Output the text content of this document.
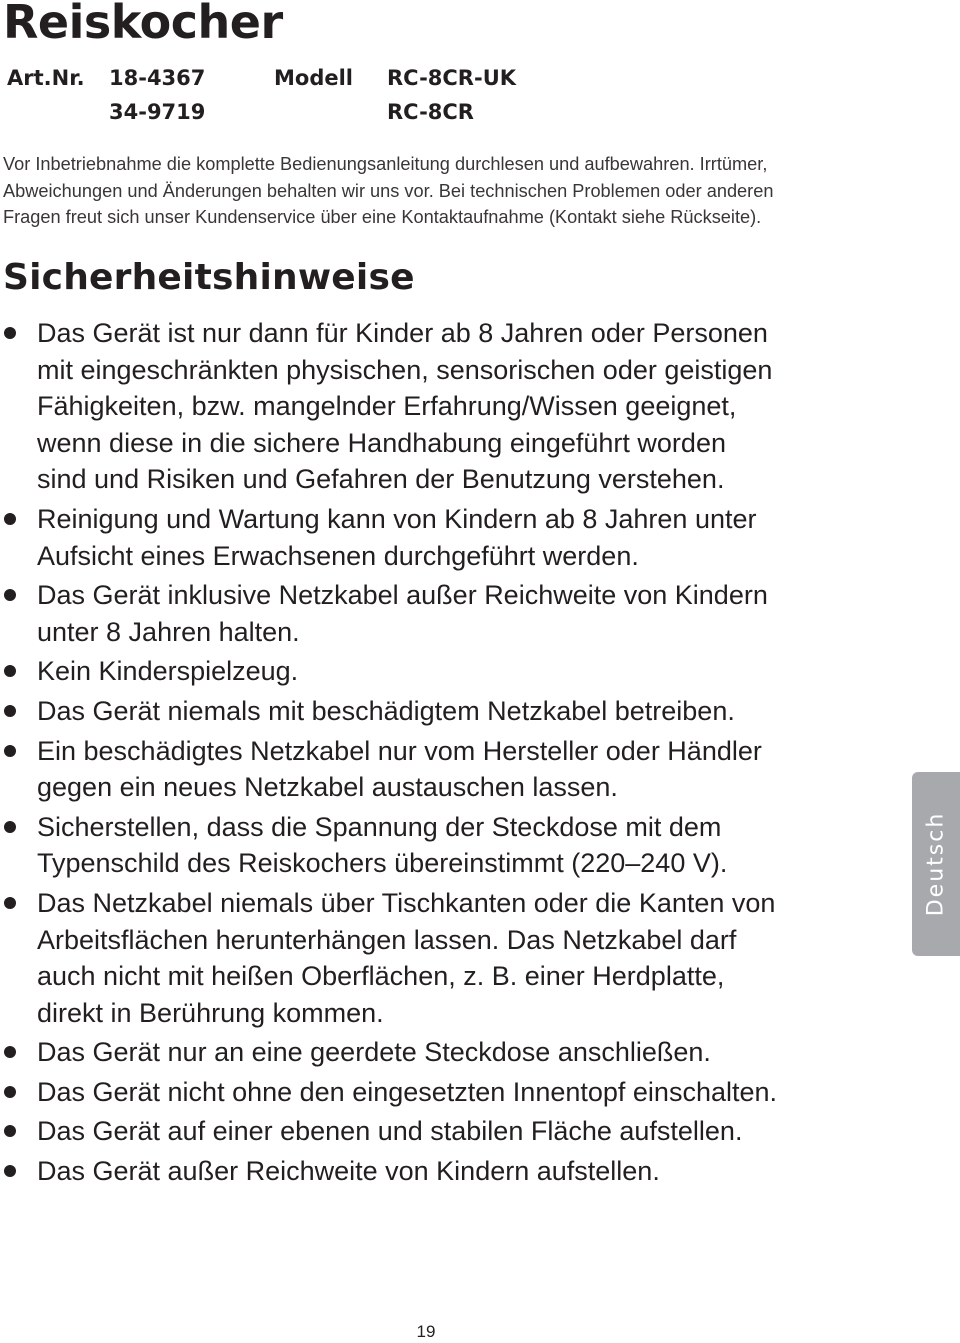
Reiskocher
Art.Nr. 18-4367
34-9719
Modell RC-8CR-UK
RC-8CR

Vor Inbetriebnahme die komplette Bedienungsanleitung durchlesen und aufbewahren. Irrtümer,
Abweichungen und Änderungen behalten wir uns vor. Bei technischen Problemen oder anderen
Fragen freut sich unser Kundenservice über eine Kontaktaufnahme (Kontakt siehe Rückseite).

Sicherheitshinweise
Das Gerät ist nur dann für Kinder ab 8 Jahren oder Personen
mit eingeschränkten physischen, sensorischen oder geistigen
Fähigkeiten, bzw. mangelnder Erfahrung/Wissen geeignet,
wenn diese in die sichere Handhabung eingeführt worden
sind und Risiken und Gefahren der Benutzung verstehen.
Reinigung und Wartung kann von Kindern ab 8 Jahren unter
Aufsicht eines Erwachsenen durchgeführt werden.
Das Gerät inklusive Netzkabel außer Reichweite von Kindern
unter 8 Jahren halten.
Kein Kinderspielzeug.
Das Gerät niemals mit beschädigtem Netzkabel betreiben.
Ein beschädigtes Netzkabel nur vom Hersteller oder Händler
gegen ein neues Netzkabel austauschen lassen.
Sicherstellen, dass die Spannung der Steckdose mit dem
Typenschild des Reiskochers übereinstimmt (220–240 V).
Das Netzkabel niemals über Tischkanten oder die Kanten von
Arbeitsflächen herunterhängen lassen. Das Netzkabel darf
auch nicht mit heißen Oberflächen, z. B. einer Herdplatte,
direkt in Berührung kommen.
Das Gerät nur an eine geerdete Steckdose anschließen.
Das Gerät nicht ohne den eingesetzten Innentopf einschalten.
Das Gerät auf einer ebenen und stabilen Fläche aufstellen.
Das Gerät außer Reichweite von Kindern aufstellen.
Deutsch
19
